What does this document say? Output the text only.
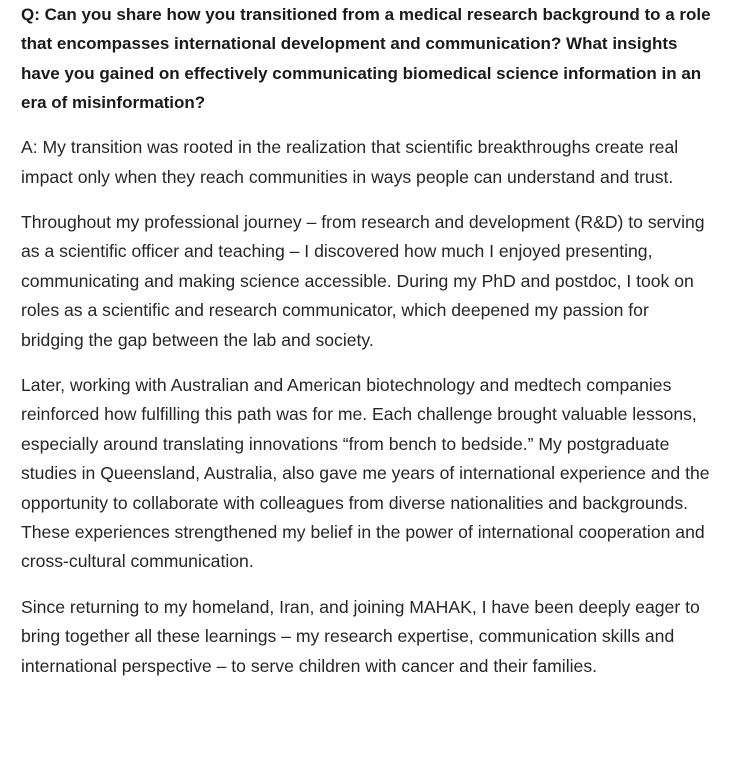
Q: Can you share how you transitioned from a medical research background to a role that encompasses international development and communication? What insights have you gained on effectively communicating biomedical science information in an era of misinformation?

A: My transition was rooted in the realization that scientific breakthroughs create real impact only when they reach communities in ways people can understand and trust.

Throughout my professional journey – from research and development (R&D) to serving as a scientific officer and teaching – I discovered how much I enjoyed presenting, communicating and making science accessible. During my PhD and postdoc, I took on roles as a scientific and research communicator, which deepened my passion for bridging the gap between the lab and society.

Later, working with Australian and American biotechnology and medtech companies reinforced how fulfilling this path was for me. Each challenge brought valuable lessons, especially around translating innovations “from bench to bedside.” My postgraduate studies in Queensland, Australia, also gave me years of international experience and the opportunity to collaborate with colleagues from diverse nationalities and backgrounds. These experiences strengthened my belief in the power of international cooperation and cross-cultural communication.

Since returning to my homeland, Iran, and joining MAHAK, I have been deeply eager to bring together all these learnings – my research expertise, communication skills and international perspective – to serve children with cancer and their families.
